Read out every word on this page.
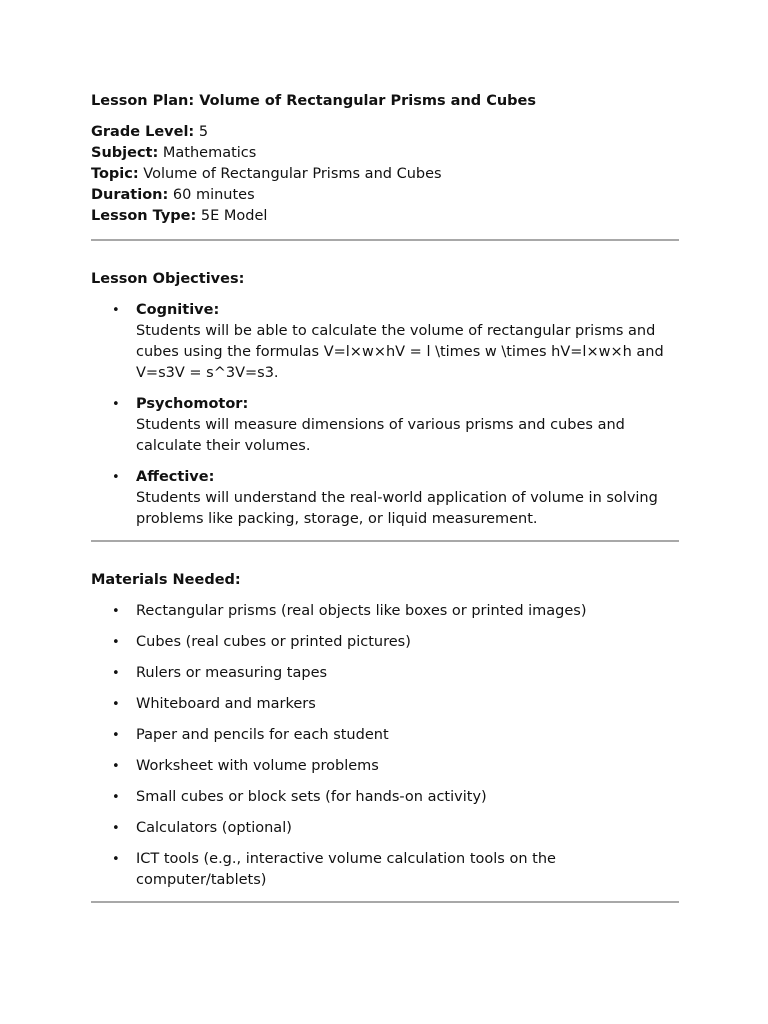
Lesson Plan: Volume of Rectangular Prisms and Cubes

Grade Level: 5

Subject: Mathematics

Topic: Volume of Rectangular Prisms and Cubes

Duration: 60 minutes

Lesson Type: 5E Model

Lesson Objectives:
• Cognitive:
Students will be able to calculate the volume of rectangular prisms and cubes using the formulas V=l×w×hV = l \times w \times hV=l×w×h and V=s3V = s^3V=s3.
• Psychomotor:
Students will measure dimensions of various prisms and cubes and calculate their volumes.
• Affective:
Students will understand the real-world application of volume in solving problems like packing, storage, or liquid measurement.
Materials Needed:
• Rectangular prisms (real objects like boxes or printed images)
• Cubes (real cubes or printed pictures)
• Rulers or measuring tapes
• Whiteboard and markers
• Paper and pencils for each student
• Worksheet with volume problems
• Small cubes or block sets (for hands-on activity)
• Calculators (optional)
• ICT tools (e.g., interactive volume calculation tools on the computer/tablets)
